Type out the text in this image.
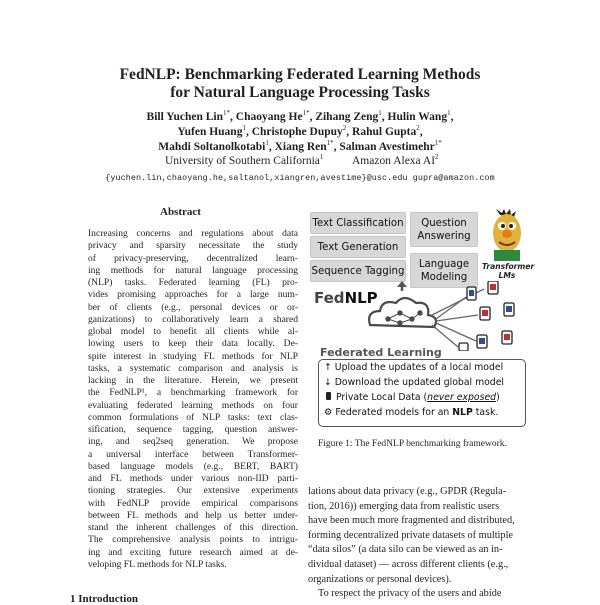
FedNLP: Benchmarking Federated Learning Methods
for Natural Language Processing Tasks
Bill Yuchen Lin$^{1*}$, Chaoyang $He^{1*}$, Zihang Zeng$^1$, Hulin Wang$^1$,
Yufen Huang$^1$, Christophe Dupuy$^2$, Rahul Gupta$^2$,
Mahdi Soltanolkotabi$^1$, Xiang Ren$^{1*}$, Salman Avestimehr$^{1*}$
University of Southern California$^1$ Amazon Alexa $AI^2$
{yuchen.lin,chaoyang.he,saltanol,xiangren,avestime}@usc.edu gupra@amazon.com
Abstract
Increasing concerns and regulations about data
privacy and sparsity necessitate the study
of privacy-preserving, decentralized learn-
ing methods for natural language processing
(NLP) tasks. Federated learning (FL) pro-
vides promising approaches for a large num-
ber of clients (e.g., personal devices or or-
ganizations) to collaboratively learn a shared
global model to benefit all clients while al-
lowing users to keep their data locally. De-
spite interest in studying FL methods for NLP
tasks, a systematic comparison and analysis is
lacking in the literature. Herein, we present
the FedNLP¹, a benchmarking framework for
evaluating federated learning methods on four
common formulations of NLP tasks: text clas-
sification, sequence tagging, question answer-
ing, and seq2seq generation. We propose
a universal interface between Transformer-
based language models (e.g., BERT, BART)
and FL methods under various non-IID parti-
tioning strategies. Our extensive experiments
with FedNLP provide empirical comparisons
between FL methods and help us better under-
stand the inherent challenges of this direction.
The comprehensive analysis points to intrigu-
ing and exciting future research aimed at de-
veloping FL methods for NLP tasks.
Text Classification	Question Answering
Text Generation
Sequence Tagging
Language Modeling
Transformer LMs
FedNLP
Federated Learning
↑ Upload the updates of a local model
↓ Download the updated global model
Private Local Data (never exposed)
⚙ Federated models for an NLP task.
Figure 1: The FedNLP benchmarking framework.
lations about data privacy (e.g., GPDR (Regula-
tion, 2016)) emerging data from realistic users
have been much more fragmented and distributed,
forming decentralized private datasets of multiple
“data silos” (a data silo can be viewed as an in-
dividual dataset) — across different clients (e.g.,
organizations or personal devices).
To respect the privacy of the users and abide
1 Introduction
